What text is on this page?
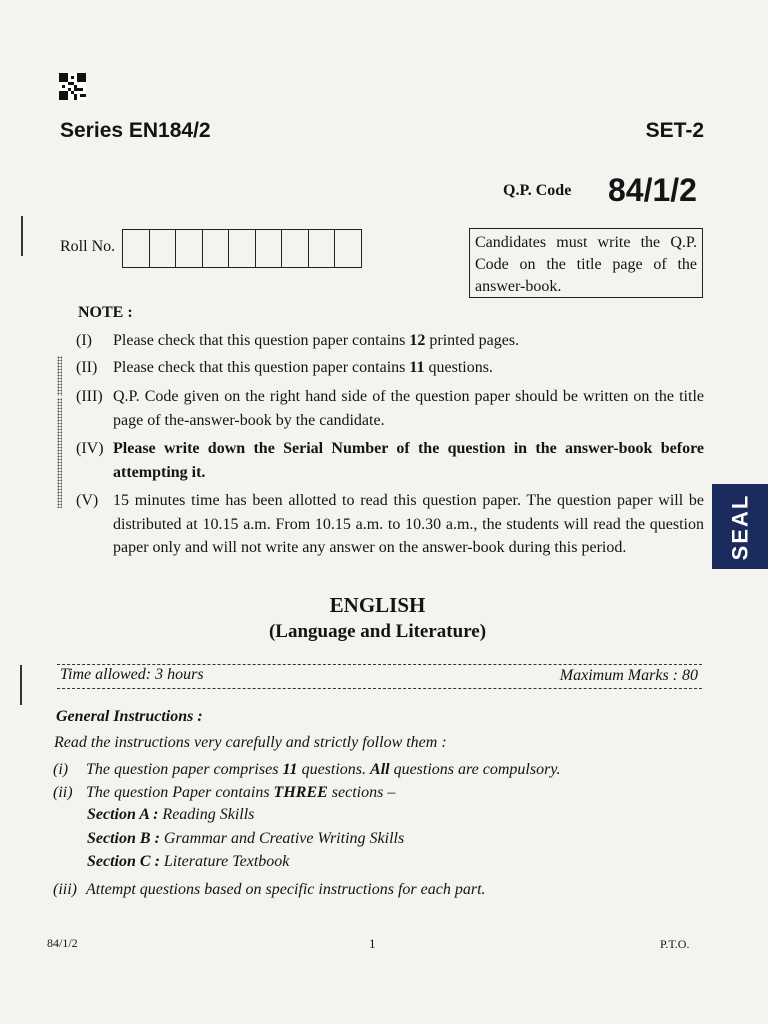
Series EN184/2	SET-2
Q.P. Code 84/1/2
Roll No.	Candidates must write the Q.P. Code on the title page of the answer-book.
NOTE :
(I) Please check that this question paper contains 12 printed pages.
(II) Please check that this question paper contains 11 questions.
(III) Q.P. Code given on the right hand side of the question paper should be written on the title page of the-answer-book by the candidate.
(IV) Please write down the Serial Number of the question in the answer-book before attempting it.
(V) 15 minutes time has been allotted to read this question paper. The question paper will be distributed at 10.15 a.m. From 10.15 a.m. to 10.30 a.m., the students will read the question paper only and will not write any answer on the answer-book during this period.	SEAL
ENGLISH
(Language and Literature)
Time allowed: 3 hours	Maximum Marks : 80
General Instructions :
Read the instructions very carefully and strictly follow them :
(i) The question paper comprises 11 questions. All questions are compulsory.
(ii) The question Paper contains THREE sections –
Section A : Reading Skills
Section B : Grammar and Creative Writing Skills
Section C : Literature Textbook
(iii) Attempt questions based on specific instructions for each part.
84/1/2	1	P.T.O.
